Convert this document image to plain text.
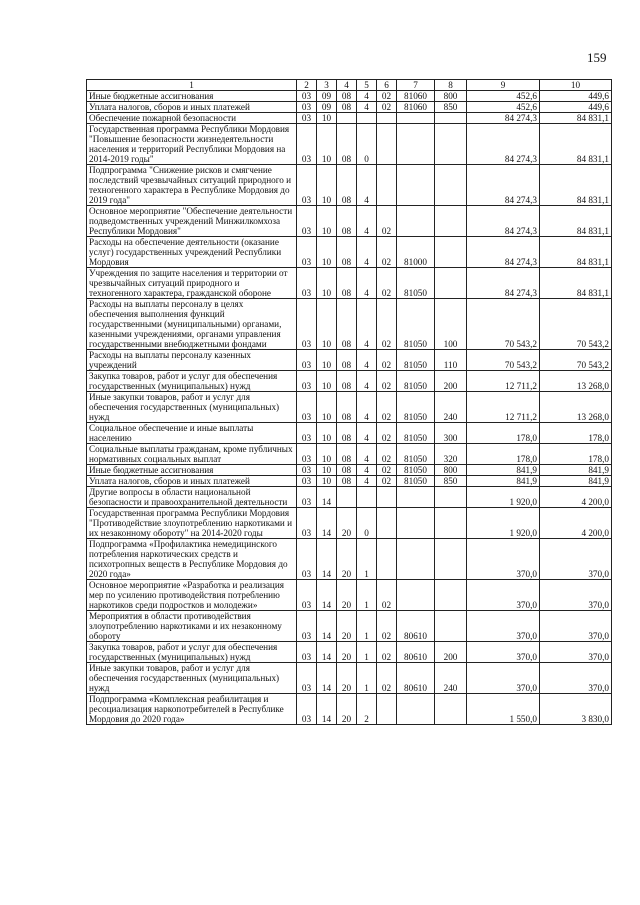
159
1	2	3	4	5	6	7	8	9	10
Иные бюджетные ассигнования	03	09	08	4	02	81060	800	452,6	449,6
Уплата налогов, сборов и иных платежей	03	09	08	4	02	81060	850	452,6	449,6
Обеспечение пожарной безопасности	03	10						84 274,3	84 831,1
Государственная программа Республики Мордовия "Повышение безопасности жизнедеятельности населения и территорий Республики Мордовия на 2014-2019 годы"	03	10	08	0				84 274,3	84 831,1
Подпрограмма "Снижение рисков и смягчение последствий чрезвычайных ситуаций природного и техногенного характера в Республике Мордовия до 2019 года"	03	10	08	4				84 274,3	84 831,1
Основное мероприятие "Обеспечение деятельности подведомственных учреждений Минжилкомхоза Республики Мордовия"	03	10	08	4	02			84 274,3	84 831,1
Расходы на обеспечение деятельности (оказание услуг) государственных учреждений Республики Мордовия	03	10	08	4	02	81000		84 274,3	84 831,1
Учреждения по защите населения и территории от чрезвычайных ситуаций природного и техногенного характера, гражданской обороне	03	10	08	4	02	81050		84 274,3	84 831,1
Расходы на выплаты персоналу в целях обеспечения выполнения функций государственными (муниципальными) органами, казенными учреждениями, органами управления государственными внебюджетными фондами	03	10	08	4	02	81050	100	70 543,2	70 543,2
Расходы на выплаты персоналу казенных учреждений	03	10	08	4	02	81050	110	70 543,2	70 543,2
Закупка товаров, работ и услуг для обеспечения государственных (муниципальных) нужд	03	10	08	4	02	81050	200	12 711,2	13 268,0
Иные закупки товаров, работ и услуг для обеспечения государственных (муниципальных) нужд	03	10	08	4	02	81050	240	12 711,2	13 268,0
Социальное обеспечение и иные выплаты населению	03	10	08	4	02	81050	300	178,0	178,0
Социальные выплаты гражданам, кроме публичных нормативных социальных выплат	03	10	08	4	02	81050	320	178,0	178,0
Иные бюджетные ассигнования	03	10	08	4	02	81050	800	841,9	841,9
Уплата налогов, сборов и иных платежей	03	10	08	4	02	81050	850	841,9	841,9
Другие вопросы в области национальной безопасности и правоохранительной деятельности	03	14						1 920,0	4 200,0
Государственная программа Республики Мордовия "Противодействие злоупотреблению наркотиками и их незаконному обороту" на 2014-2020 годы	03	14	20	0				1 920,0	4 200,0
Подпрограмма «Профилактика немедицинского потребления наркотических средств и психотропных веществ в Республике Мордовия до 2020 года»	03	14	20	1				370,0	370,0
Основное мероприятие «Разработка и реализация мер по усилению противодействия потреблению наркотиков среди подростков и молодежи»	03	14	20	1	02			370,0	370,0
Мероприятия в области противодействия злоупотреблению наркотиками и их незаконному обороту	03	14	20	1	02	80610		370,0	370,0
Закупка товаров, работ и услуг для обеспечения государственных (муниципальных) нужд	03	14	20	1	02	80610	200	370,0	370,0
Иные закупки товаров, работ и услуг для обеспечения государственных (муниципальных) нужд	03	14	20	1	02	80610	240	370,0	370,0
Подпрограмма «Комплексная реабилитация и ресоциализация наркопотребителей в Республике Мордовия до 2020 года»	03	14	20	2				1 550,0	3 830,0
